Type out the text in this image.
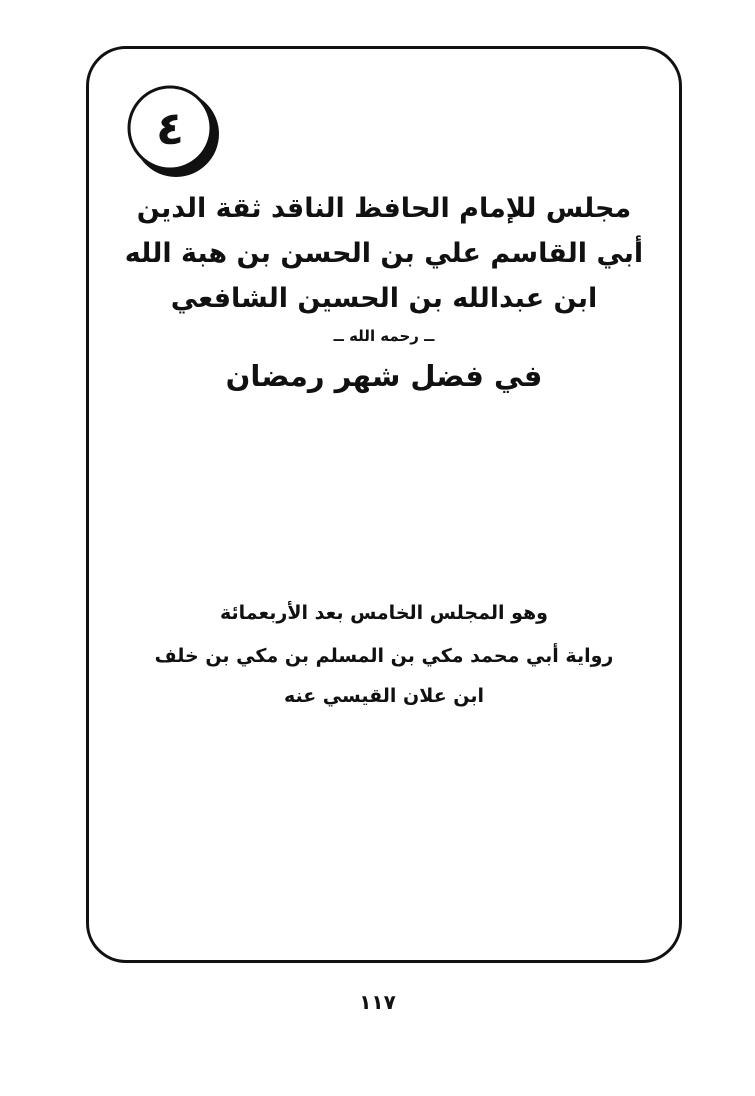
٤
مجلس للإمام الحافظ الناقد ثقة الدين
أبي القاسم علي بن الحسن بن هبة الله
ابن عبدالله بن الحسين الشافعي
ــ رحمه الله ــ
في فضل شهر رمضان
وهو المجلس الخامس بعد الأربعمائة
رواية أبي محمد مكي بن المسلم بن مكي بن خلف
ابن علان القيسي عنه
١١٧
